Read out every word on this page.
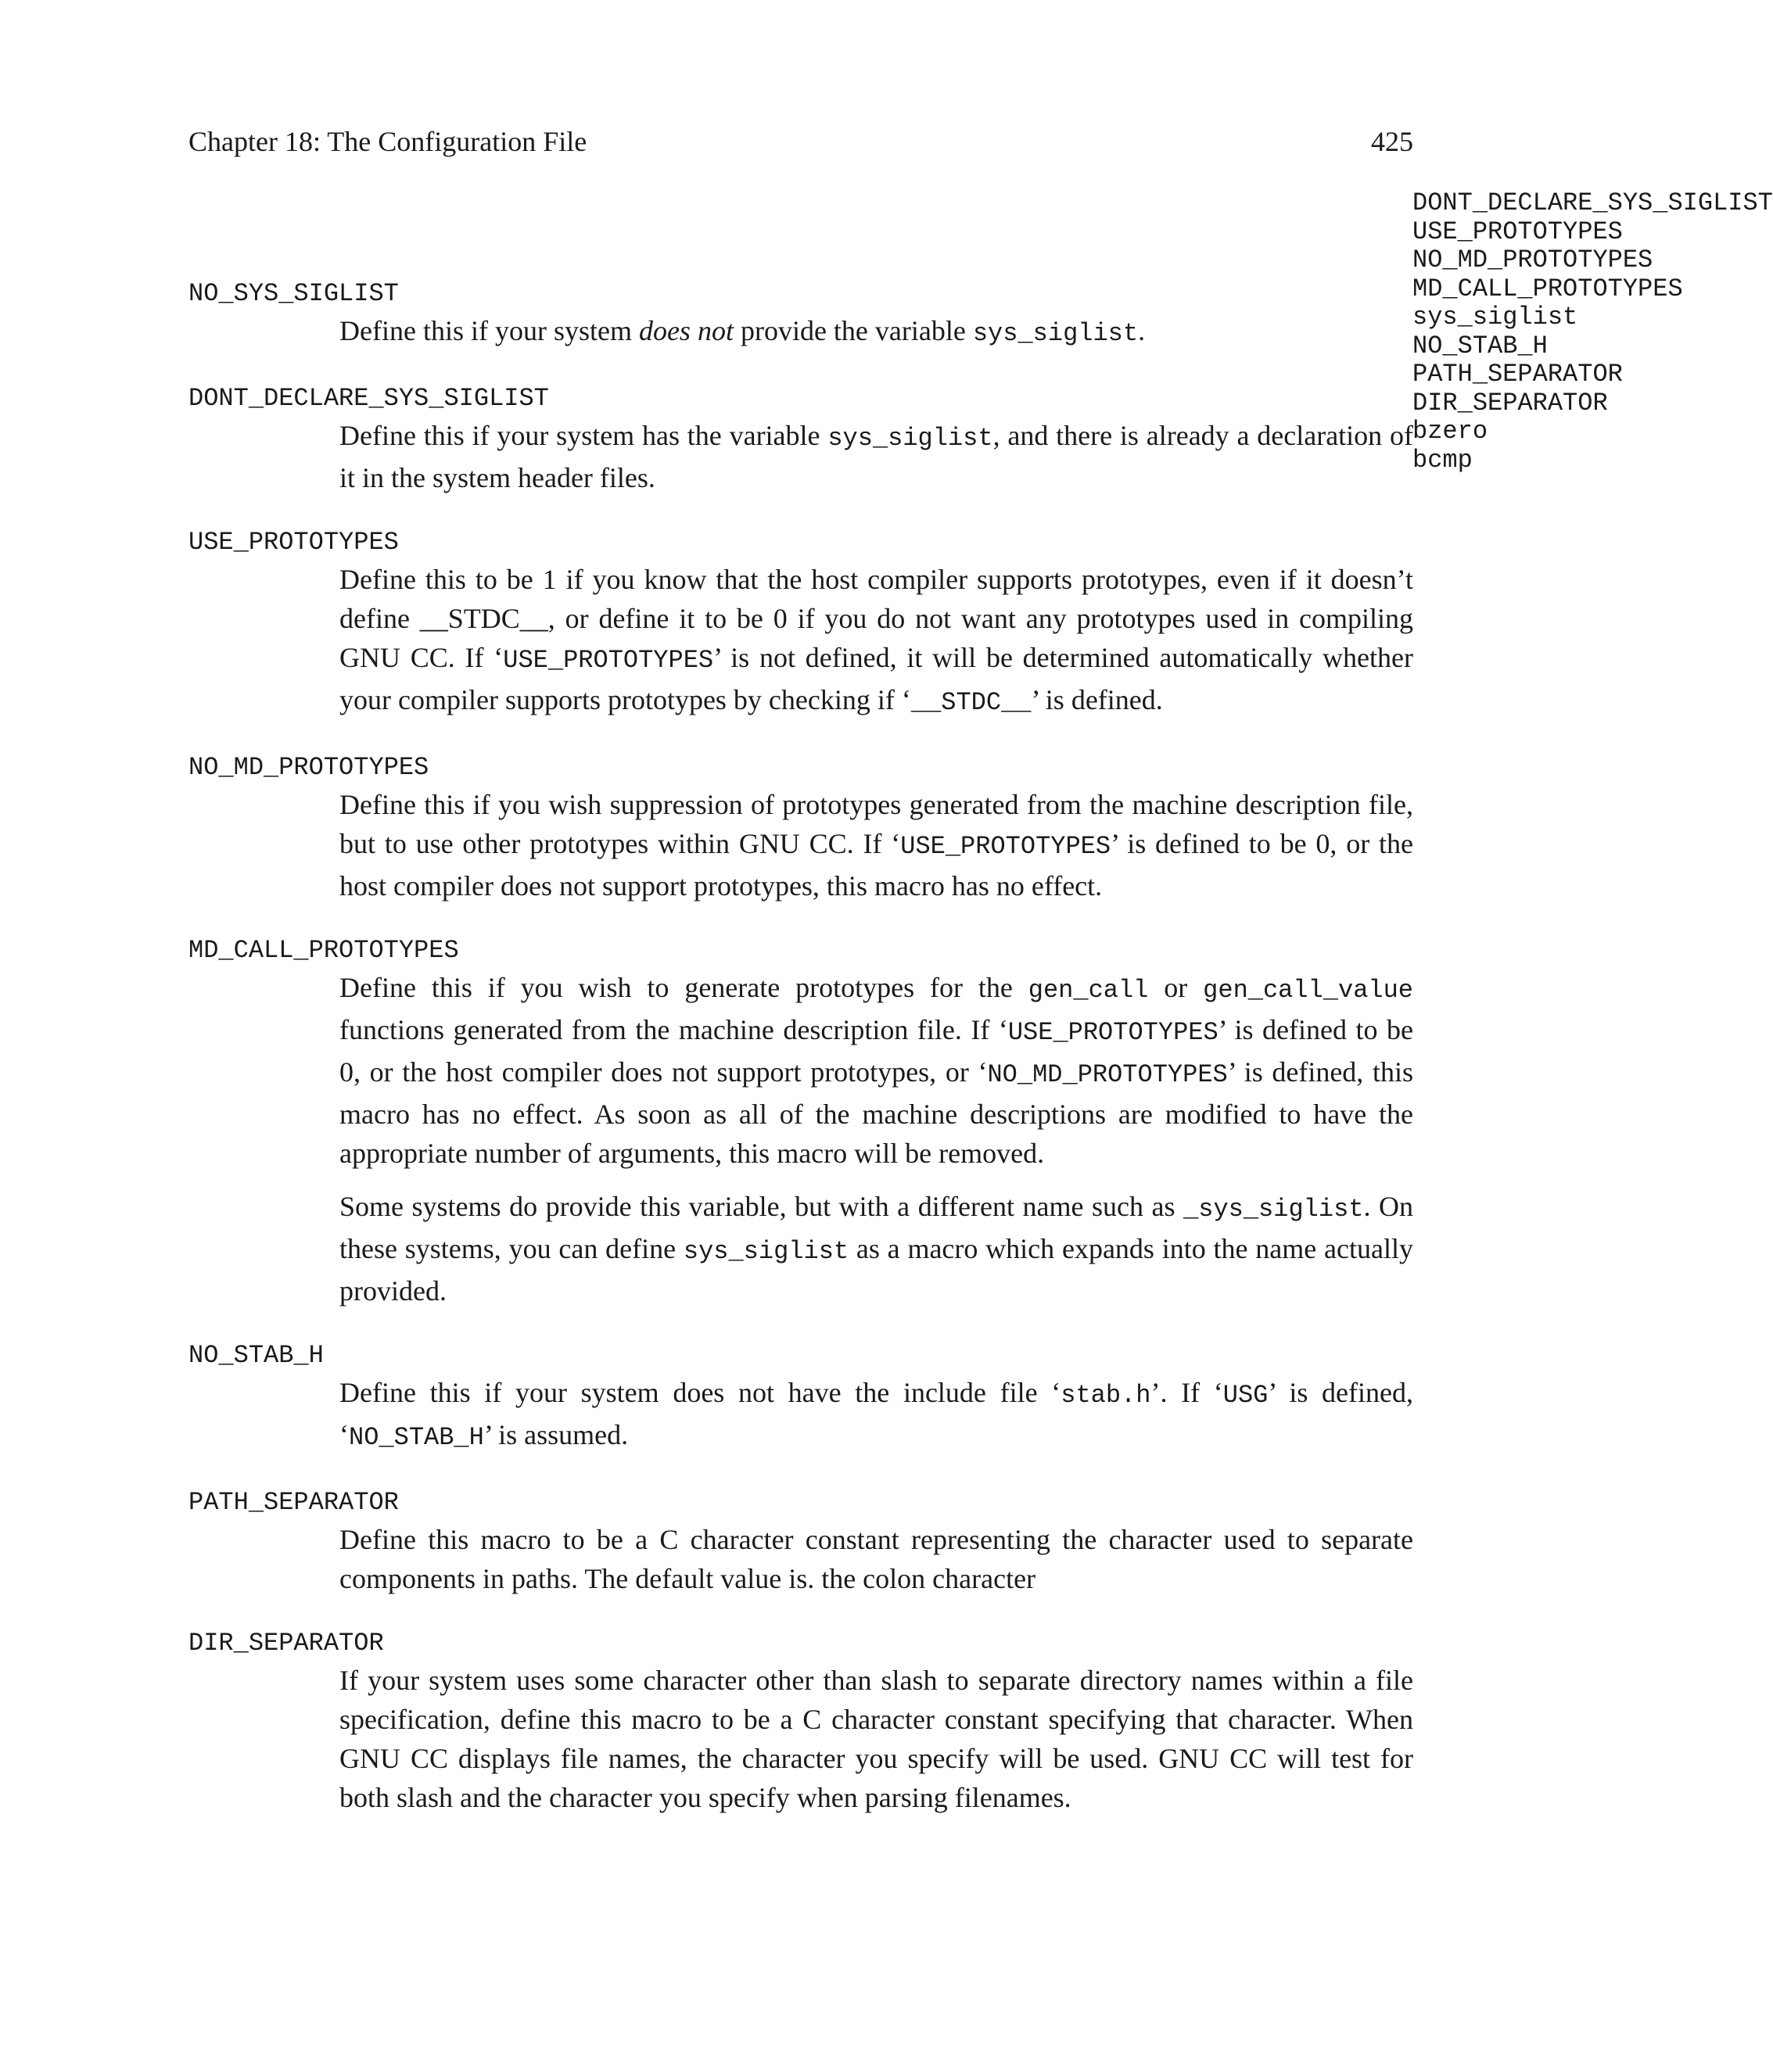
Chapter 18: The Configuration File	425
DONT_DECLARE_SYS_SIGLIST
USE_PROTOTYPES
NO_MD_PROTOTYPES
MD_CALL_PROTOTYPES
sys_siglist
NO_STAB_H
PATH_SEPARATOR
DIR_SEPARATOR
bzero
bcmp
NO_SYS_SIGLIST
Define this if your system does not provide the variable sys_siglist.
DONT_DECLARE_SYS_SIGLIST
Define this if your system has the variable sys_siglist, and there is already a declaration of it in the system header files.
USE_PROTOTYPES
Define this to be 1 if you know that the host compiler supports prototypes, even if it doesn’t define __STDC__, or define it to be 0 if you do not want any prototypes used in compiling GNU CC. If ‘USE_PROTOTYPES’ is not defined, it will be determined automatically whether your compiler supports prototypes by checking if ‘__STDC__’ is defined.
NO_MD_PROTOTYPES
Define this if you wish suppression of prototypes generated from the machine description file, but to use other prototypes within GNU CC. If ‘USE_PROTOTYPES’ is defined to be 0, or the host compiler does not support prototypes, this macro has no effect.
MD_CALL_PROTOTYPES
Define this if you wish to generate prototypes for the gen_call or gen_call_value functions generated from the machine description file. If ‘USE_PROTOTYPES’ is defined to be 0, or the host compiler does not support prototypes, or ‘NO_MD_PROTOTYPES’ is defined, this macro has no effect. As soon as all of the machine descriptions are modified to have the appropriate number of arguments, this macro will be removed.
Some systems do provide this variable, but with a different name such as _sys_siglist. On these systems, you can define sys_siglist as a macro which expands into the name actually provided.
NO_STAB_H
Define this if your system does not have the include file ‘stab.h’. If ‘USG’ is defined, ‘NO_STAB_H’ is assumed.
PATH_SEPARATOR
Define this macro to be a C character constant representing the character used to separate components in paths. The default value is. the colon character
DIR_SEPARATOR
If your system uses some character other than slash to separate directory names within a file specification, define this macro to be a C character constant specifying that character. When GNU CC displays file names, the character you specify will be used. GNU CC will test for both slash and the character you specify when parsing filenames.
